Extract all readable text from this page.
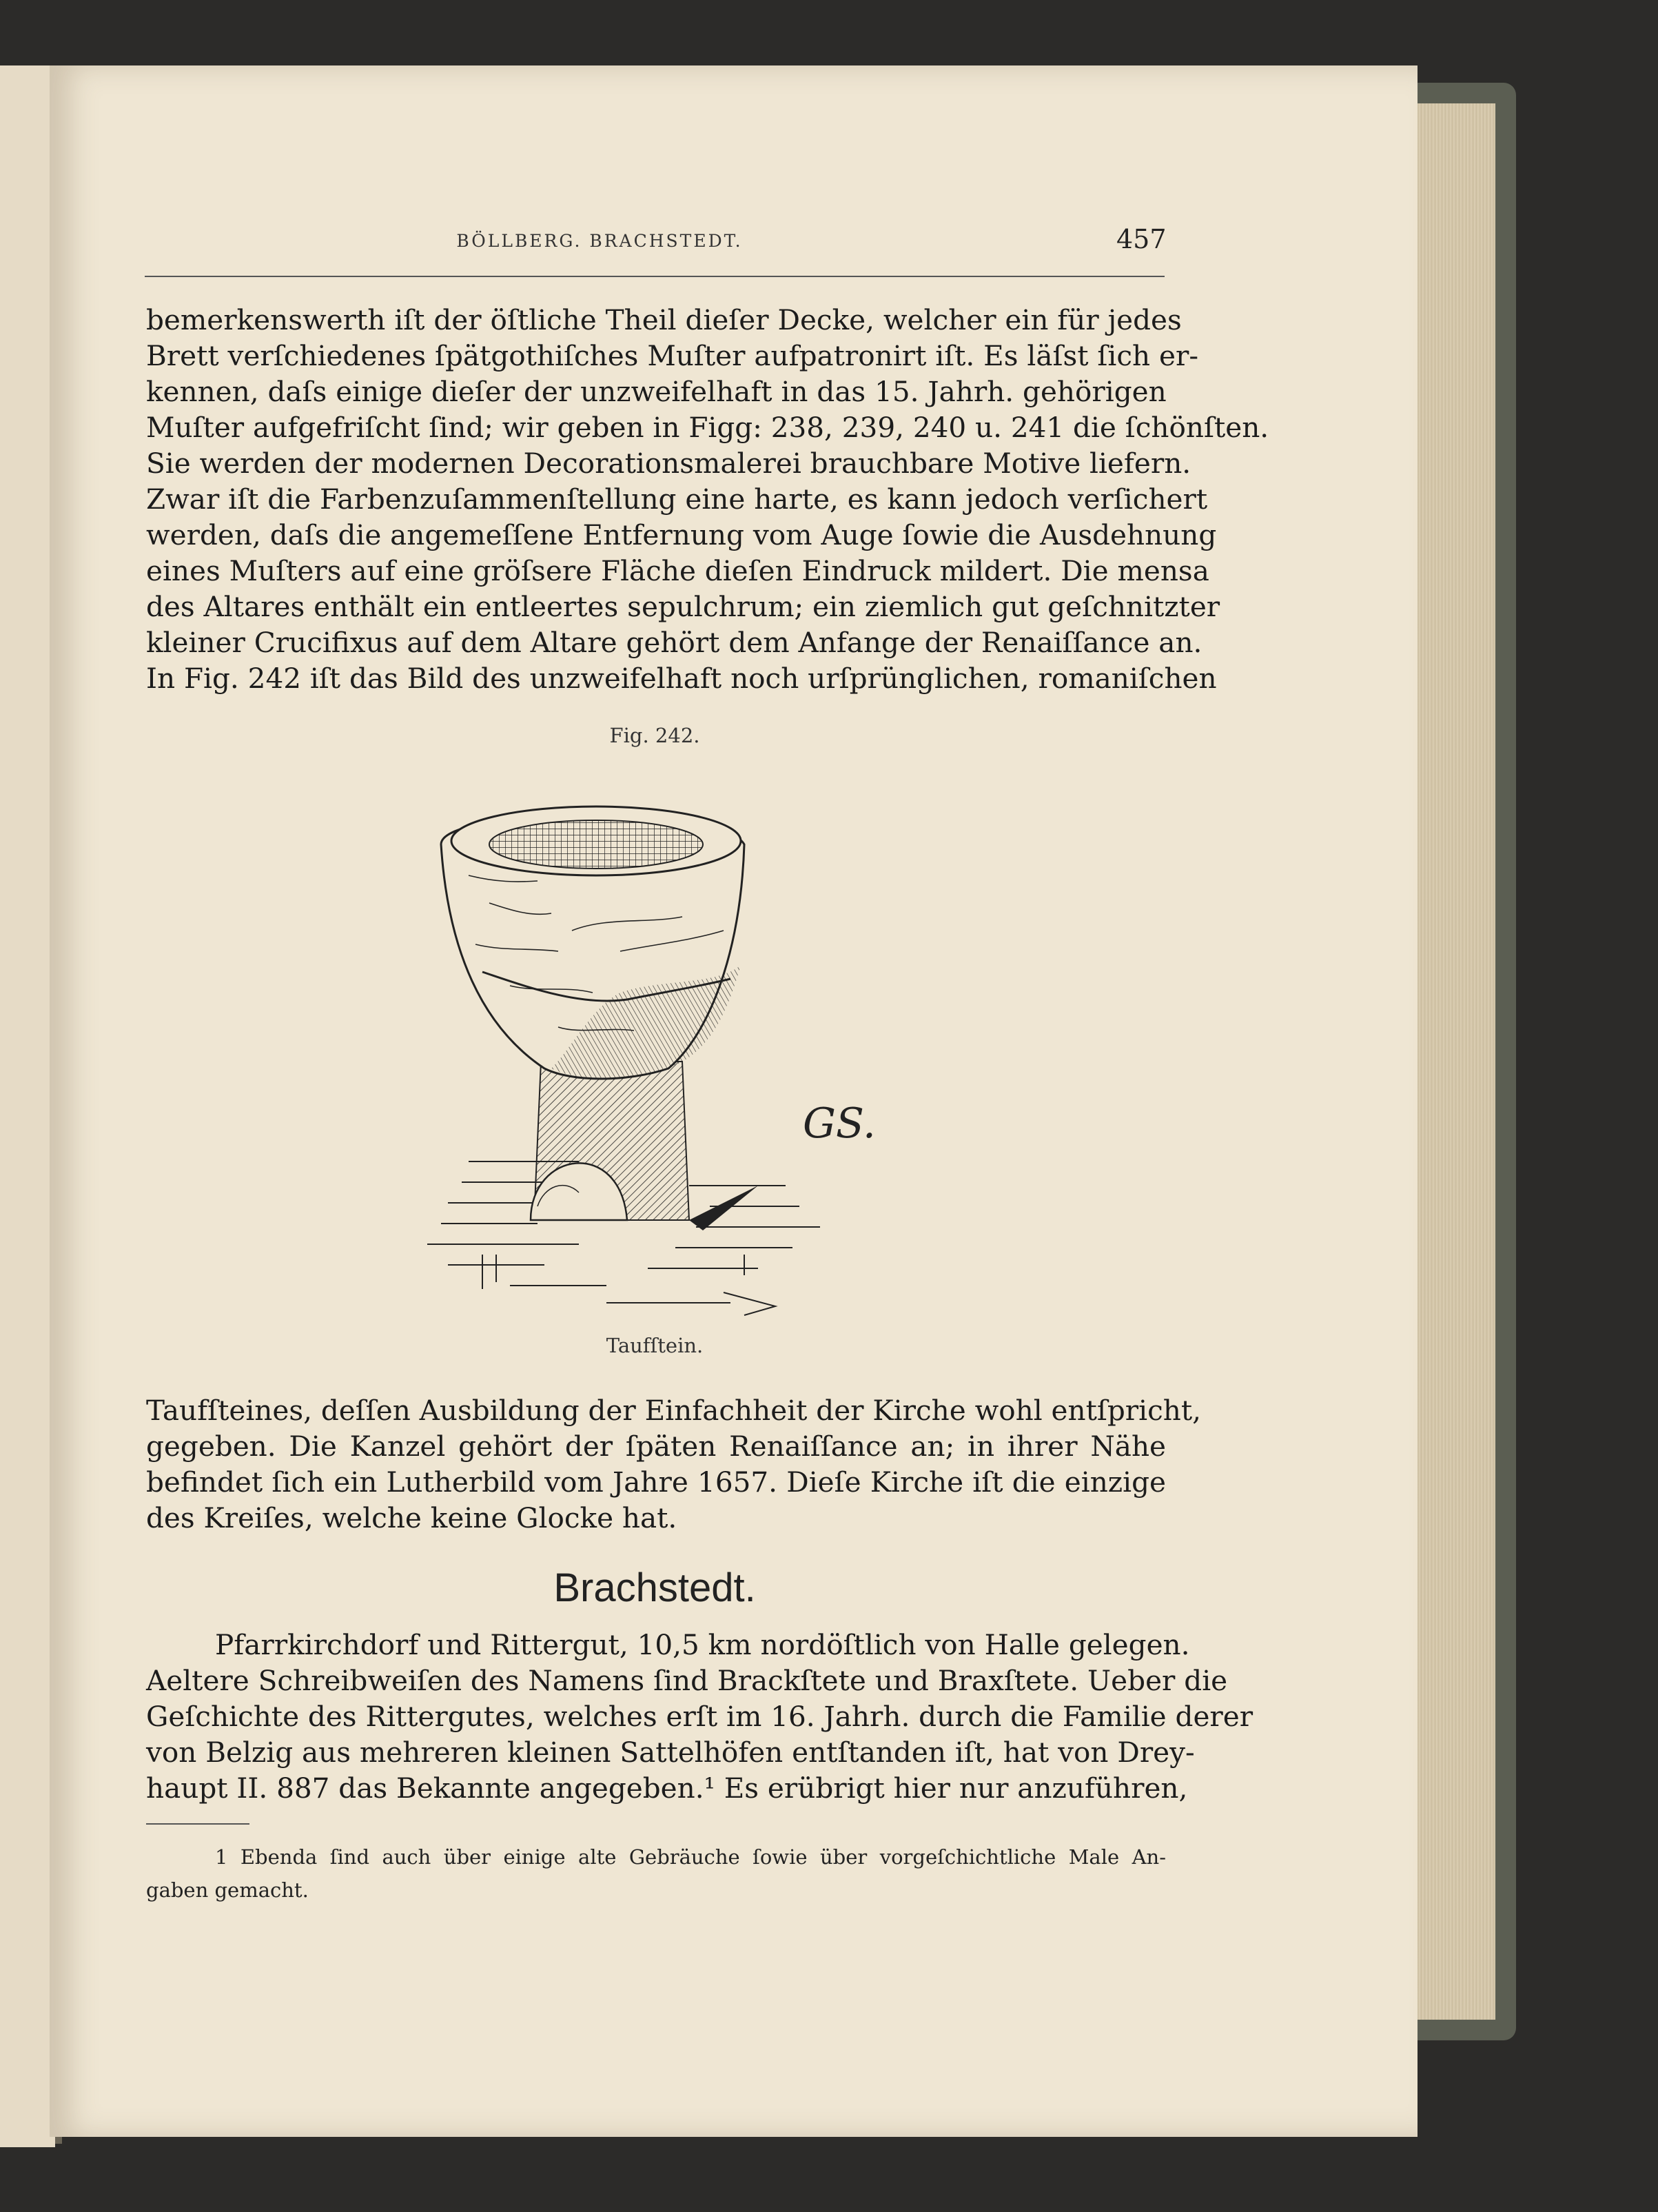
BÖLLBERG. BRACHSTEDT.	457
bemerkenswerth iſt der öſtliche Theil dieſer Decke, welcher ein für jedes
Brett verſchiedenes ſpätgothiſches Muſter aufpatronirt iſt. Es läſst ſich er-
kennen, daſs einige dieſer der unzweifelhaft in das 15. Jahrh. gehörigen
Muſter aufgefriſcht ſind; wir geben in Figg: 238, 239, 240 u. 241 die ſchönſten.
Sie werden der modernen Decorationsmalerei brauchbare Motive liefern.
Zwar iſt die Farbenzuſammenſtellung eine harte, es kann jedoch verſichert
werden, daſs die angemeſſene Entfernung vom Auge ſowie die Ausdehnung
eines Muſters auf eine gröſsere Fläche dieſen Eindruck mildert. Die mensa
des Altares enthält ein entleertes sepulchrum; ein ziemlich gut geſchnitzter
kleiner Crucifixus auf dem Altare gehört dem Anfange der Renaiſſance an.
In Fig. 242 iſt das Bild des unzweifelhaft noch urſprünglichen, romaniſchen
Fig. 242.
GS.
Taufſtein.
Taufſteines, deſſen Ausbildung der Einfachheit der Kirche wohl entſpricht,
gegeben. Die Kanzel gehört der ſpäten Renaiſſance an; in ihrer Nähe
befindet ſich ein Lutherbild vom Jahre 1657. Dieſe Kirche iſt die einzige
des Kreiſes, welche keine Glocke hat.
Brachstedt.
Pfarrkirchdorf und Rittergut, 10,5 km nordöſtlich von Halle gelegen.
Aeltere Schreibweiſen des Namens ſind Brackſtete und Braxſtete. Ueber die
Geſchichte des Rittergutes, welches erſt im 16. Jahrh. durch die Familie derer
von Belzig aus mehreren kleinen Sattelhöfen entſtanden iſt, hat von Drey-
haupt II. 887 das Bekannte angegeben.¹ Es erübrigt hier nur anzuführen,
1 Ebenda ſind auch über einige alte Gebräuche ſowie über vorgeſchichtliche Male An-
gaben gemacht.
